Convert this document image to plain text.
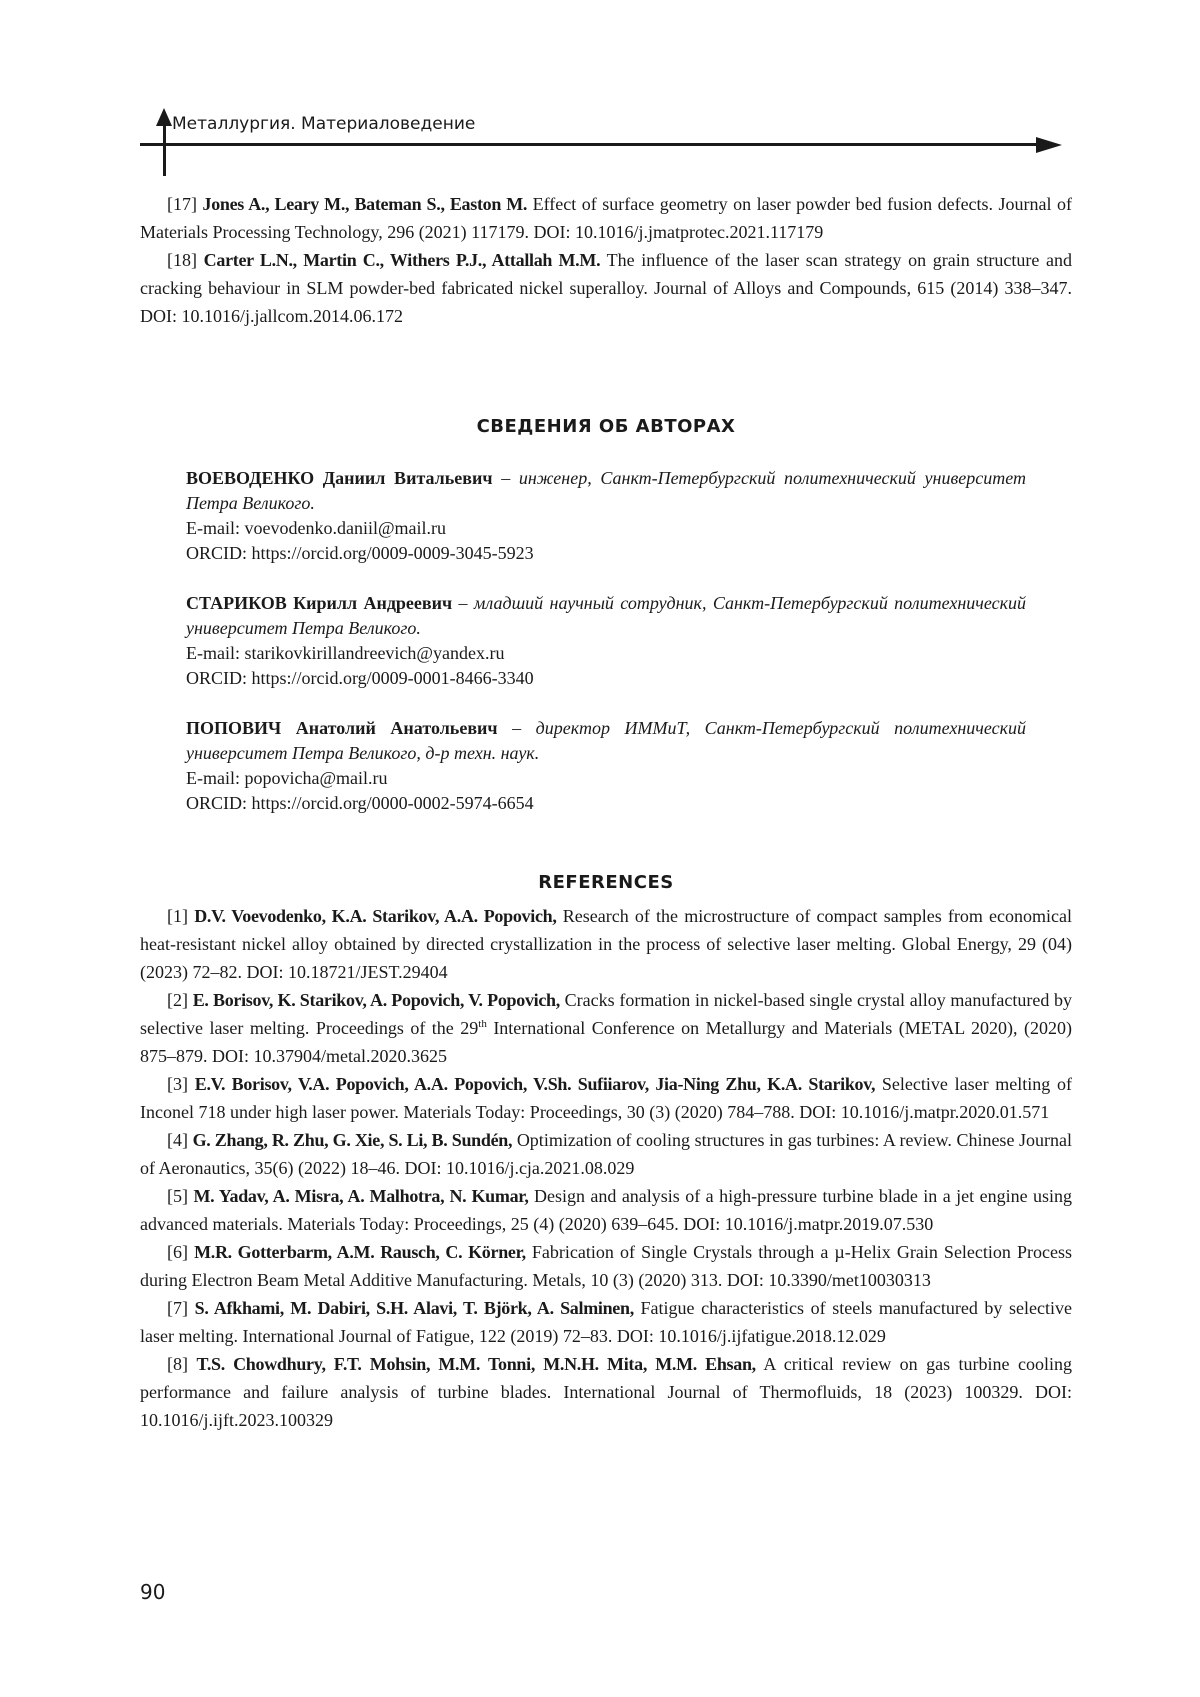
Металлургия. Материаловедение

[17] Jones A., Leary M., Bateman S., Easton M. Effect of surface geometry on laser powder bed fusion defects. Journal of Materials Processing Technology, 296 (2021) 117179. DOI: 10.1016/j.jmatprotec.2021.117179

[18] Carter L.N., Martin C., Withers P.J., Attallah M.M. The influence of the laser scan strategy on grain structure and cracking behaviour in SLM powder-bed fabricated nickel superalloy. Journal of Alloys and Compounds, 615 (2014) 338–347. DOI: 10.1016/j.jallcom.2014.06.172

СВЕДЕНИЯ ОБ АВТОРАХ

ВОЕВОДЕНКО Даниил Витальевич – инженер, Санкт-Петербургский политехнический университет Петра Великого.

E-mail: voevodenko.daniil@mail.ru

ORCID: https://orcid.org/0009-0009-3045-5923

СТАРИКОВ Кирилл Андреевич – младший научный сотрудник, Санкт-Петербургский политехнический университет Петра Великого.

E-mail: starikovkirillandreevich@yandex.ru

ORCID: https://orcid.org/0009-0001-8466-3340

ПОПОВИЧ Анатолий Анатольевич – директор ИММиТ, Санкт-Петербургский политехнический университет Петра Великого, д-р техн. наук.

E-mail: popovicha@mail.ru

ORCID: https://orcid.org/0000-0002-5974-6654

REFERENCES

[1] D.V. Voevodenko, K.A. Starikov, A.A. Popovich, Research of the microstructure of compact samples from economical heat-resistant nickel alloy obtained by directed crystallization in the process of selective laser melting. Global Energy, 29 (04) (2023) 72–82. DOI: 10.18721/JEST.29404

[2] E. Borisov, K. Starikov, A. Popovich, V. Popovich, Cracks formation in nickel-based single crystal alloy manufactured by selective laser melting. Proceedings of the 29th International Conference on Metallurgy and Materials (METAL 2020), (2020) 875–879. DOI: 10.37904/metal.2020.3625

[3] E.V. Borisov, V.A. Popovich, A.A. Popovich, V.Sh. Sufiiarov, Jia-Ning Zhu, K.A. Starikov, Selective laser melting of Inconel 718 under high laser power. Materials Today: Proceedings, 30 (3) (2020) 784–788. DOI: 10.1016/j.matpr.2020.01.571

[4] G. Zhang, R. Zhu, G. Xie, S. Li, B. Sundén, Optimization of cooling structures in gas turbines: A review. Chinese Journal of Aeronautics, 35(6) (2022) 18–46. DOI: 10.1016/j.cja.2021.08.029

[5] M. Yadav, A. Misra, A. Malhotra, N. Kumar, Design and analysis of a high-pressure turbine blade in a jet engine using advanced materials. Materials Today: Proceedings, 25 (4) (2020) 639–645. DOI: 10.1016/j.matpr.2019.07.530

[6] M.R. Gotterbarm, A.M. Rausch, C. Körner, Fabrication of Single Crystals through a µ-Helix Grain Selection Process during Electron Beam Metal Additive Manufacturing. Metals, 10 (3) (2020) 313. DOI: 10.3390/met10030313

[7] S. Afkhami, M. Dabiri, S.H. Alavi, T. Björk, A. Salminen, Fatigue characteristics of steels manufactured by selective laser melting. International Journal of Fatigue, 122 (2019) 72–83. DOI: 10.1016/j.ijfatigue.2018.12.029

[8] T.S. Chowdhury, F.T. Mohsin, M.M. Tonni, M.N.H. Mita, M.M. Ehsan, A critical review on gas turbine cooling performance and failure analysis of turbine blades. International Journal of Thermofluids, 18 (2023) 100329. DOI: 10.1016/j.ijft.2023.100329

90
